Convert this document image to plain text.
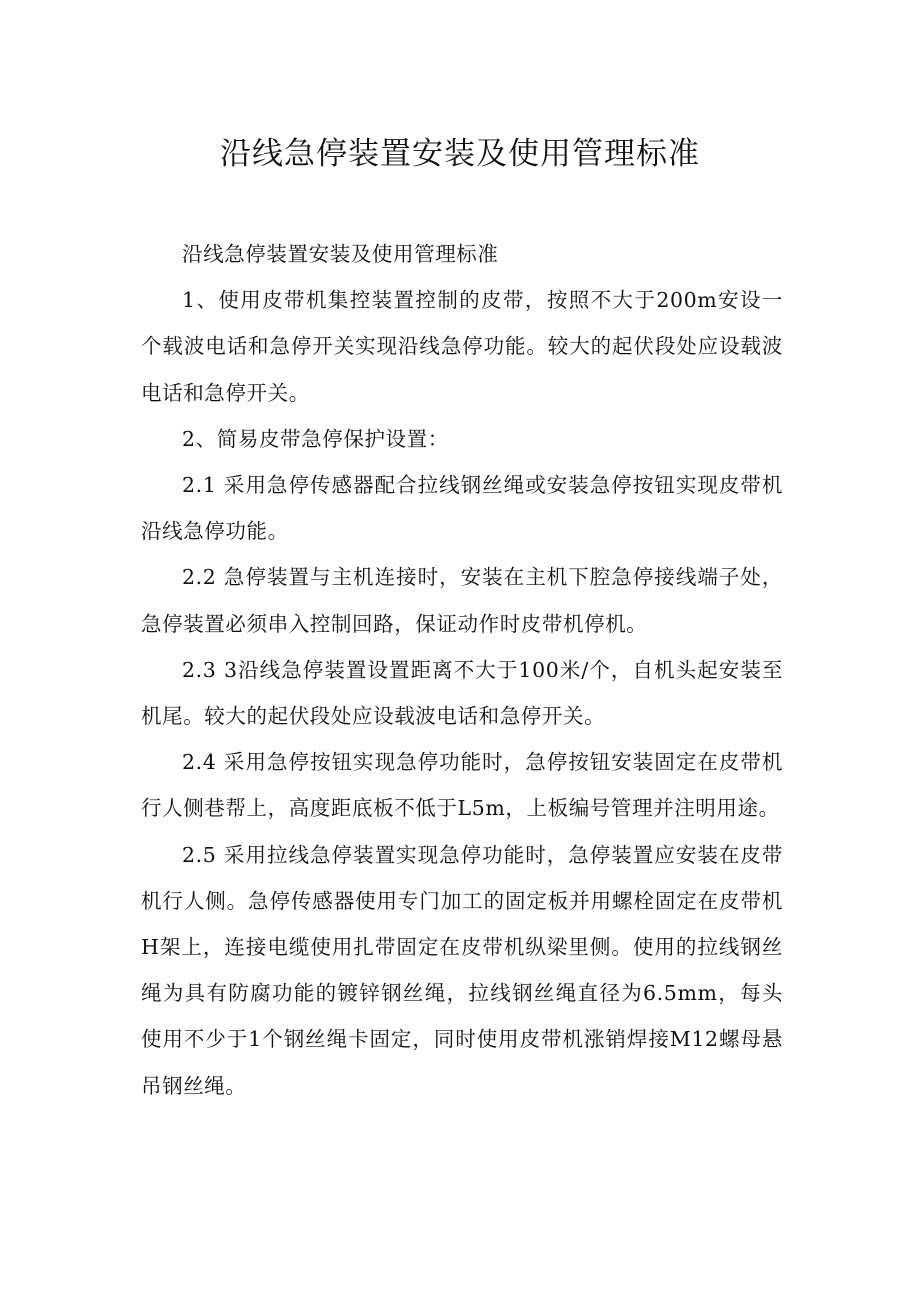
沿线急停装置安装及使用管理标准

沿线急停装置安装及使用管理标准

1、使用皮带机集控装置控制的皮带，按照不大于200m安设一个载波电话和急停开关实现沿线急停功能。较大的起伏段处应设载波电话和急停开关。

2、简易皮带急停保护设置：

2.1 采用急停传感器配合拉线钢丝绳或安装急停按钮实现皮带机沿线急停功能。

2.2 急停装置与主机连接时，安装在主机下腔急停接线端子处，急停装置必须串入控制回路，保证动作时皮带机停机。

2.3 3沿线急停装置设置距离不大于100米/个，自机头起安装至机尾。较大的起伏段处应设载波电话和急停开关。

2.4 采用急停按钮实现急停功能时，急停按钮安装固定在皮带机行人侧巷帮上，高度距底板不低于L5m，上板编号管理并注明用途。

2.5 采用拉线急停装置实现急停功能时，急停装置应安装在皮带机行人侧。急停传感器使用专门加工的固定板并用螺栓固定在皮带机H架上，连接电缆使用扎带固定在皮带机纵梁里侧。使用的拉线钢丝绳为具有防腐功能的镀锌钢丝绳，拉线钢丝绳直径为6.5mm，每头使用不少于1个钢丝绳卡固定，同时使用皮带机涨销焊接M12螺母悬吊钢丝绳。
